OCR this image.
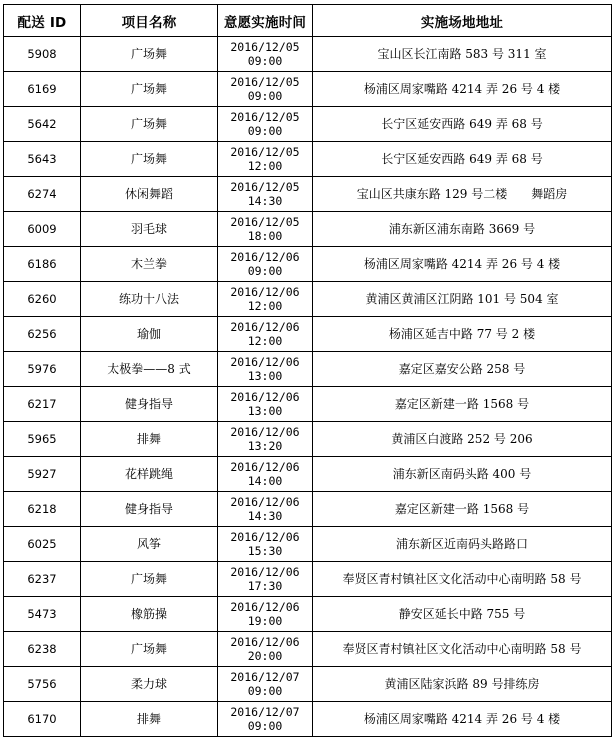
配送 ID	项目名称	意愿实施时间	实施场地地址
5908	广场舞	2016/12/05
09:00	宝山区长江南路 583 号 311 室
6169	广场舞	2016/12/05
09:00	杨浦区周家嘴路 4214 弄 26 号 4 楼
5642	广场舞	2016/12/05
09:00	长宁区延安西路 649 弄 68 号
5643	广场舞	2016/12/05
12:00	长宁区延安西路 649 弄 68 号
6274	休闲舞蹈	2016/12/05
14:30	宝山区共康东路 129 号二楼　　舞蹈房
6009	羽毛球	2016/12/05
18:00	浦东新区浦东南路 3669 号
6186	木兰拳	2016/12/06
09:00	杨浦区周家嘴路 4214 弄 26 号 4 楼
6260	练功十八法	2016/12/06
12:00	黄浦区黄浦区江阴路 101 号 504 室
6256	瑜伽	2016/12/06
12:00	杨浦区延吉中路 77 号 2 楼
5976	太极拳——8 式	2016/12/06
13:00	嘉定区嘉安公路 258 号
6217	健身指导	2016/12/06
13:00	嘉定区新建一路 1568 号
5965	排舞	2016/12/06
13:20	黄浦区白渡路 252 号 206
5927	花样跳绳	2016/12/06
14:00	浦东新区南码头路 400 号
6218	健身指导	2016/12/06
14:30	嘉定区新建一路 1568 号
6025	风筝	2016/12/06
15:30	浦东新区近南码头路路口
6237	广场舞	2016/12/06
17:30	奉贤区青村镇社区文化活动中心南明路 58 号
5473	橡筋操	2016/12/06
19:00	静安区延长中路 755 号
6238	广场舞	2016/12/06
20:00	奉贤区青村镇社区文化活动中心南明路 58 号
5756	柔力球	2016/12/07
09:00	黄浦区陆家浜路 89 号排练房
6170	排舞	2016/12/07
09:00	杨浦区周家嘴路 4214 弄 26 号 4 楼
